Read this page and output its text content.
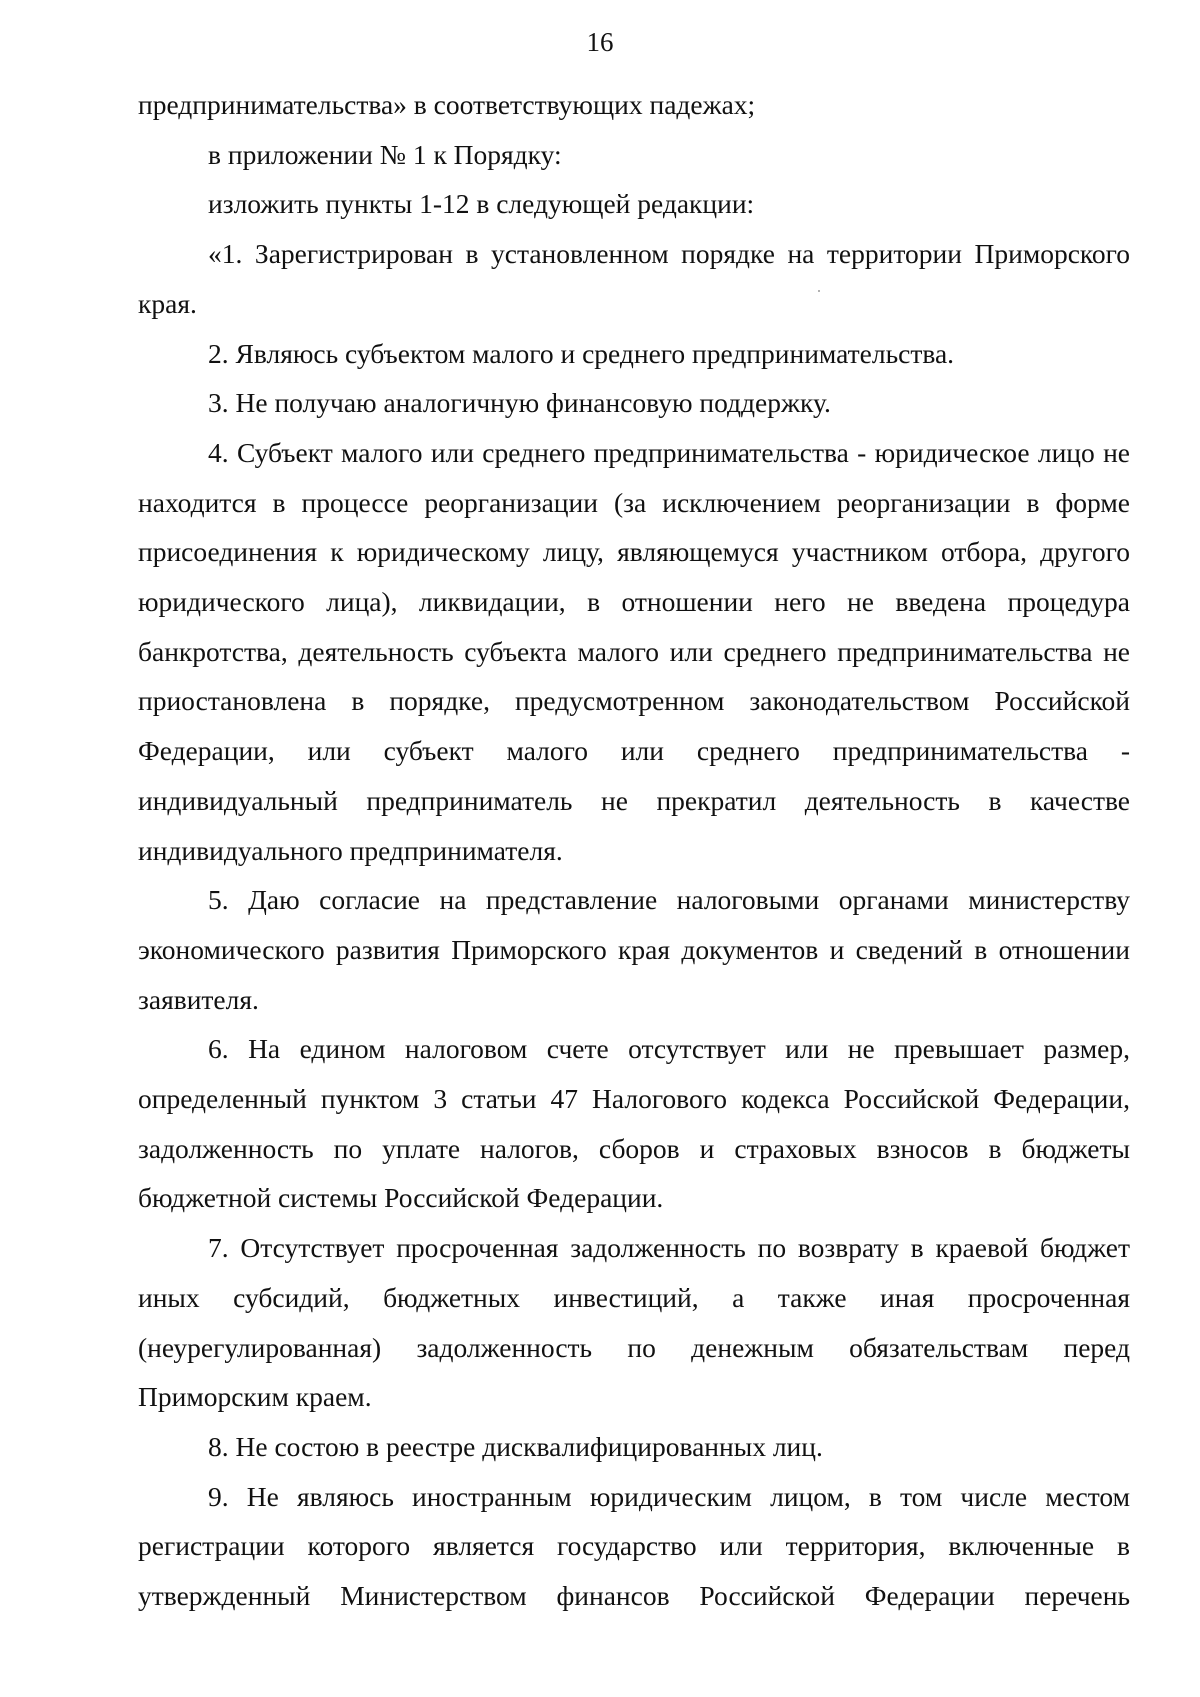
16

предпринимательства» в соответствующих падежах;

в приложении № 1 к Порядку:

изложить пункты 1-12 в следующей редакции:

«1. Зарегистрирован в установленном порядке на территории Приморского края.

2. Являюсь субъектом малого и среднего предпринимательства.

3. Не получаю аналогичную финансовую поддержку.

4. Субъект малого или среднего предпринимательства - юридическое лицо не находится в процессе реорганизации (за исключением реорганизации в форме присоединения к юридическому лицу, являющемуся участником отбора, другого юридического лица), ликвидации, в отношении него не введена процедура банкротства, деятельность субъекта малого или среднего предпринимательства не приостановлена в порядке, предусмотренном законодательством Российской Федерации, или субъект малого или среднего предпринимательства - индивидуальный предприниматель не прекратил деятельность в качестве индивидуального предпринимателя.

5. Даю согласие на представление налоговыми органами министерству экономического развития Приморского края документов и сведений в отношении заявителя.

6. На едином налоговом счете отсутствует или не превышает размер, определенный пунктом 3 статьи 47 Налогового кодекса Российской Федерации, задолженность по уплате налогов, сборов и страховых взносов в бюджеты бюджетной системы Российской Федерации.

7. Отсутствует просроченная задолженность по возврату в краевой бюджет иных субсидий, бюджетных инвестиций, а также иная просроченная (неурегулированная) задолженность по денежным обязательствам перед Приморским краем.

8. Не состою в реестре дисквалифицированных лиц.

9. Не являюсь иностранным юридическим лицом, в том числе местом регистрации которого является государство или территория, включенные в утвержденный Министерством финансов Российской Федерации перечень
